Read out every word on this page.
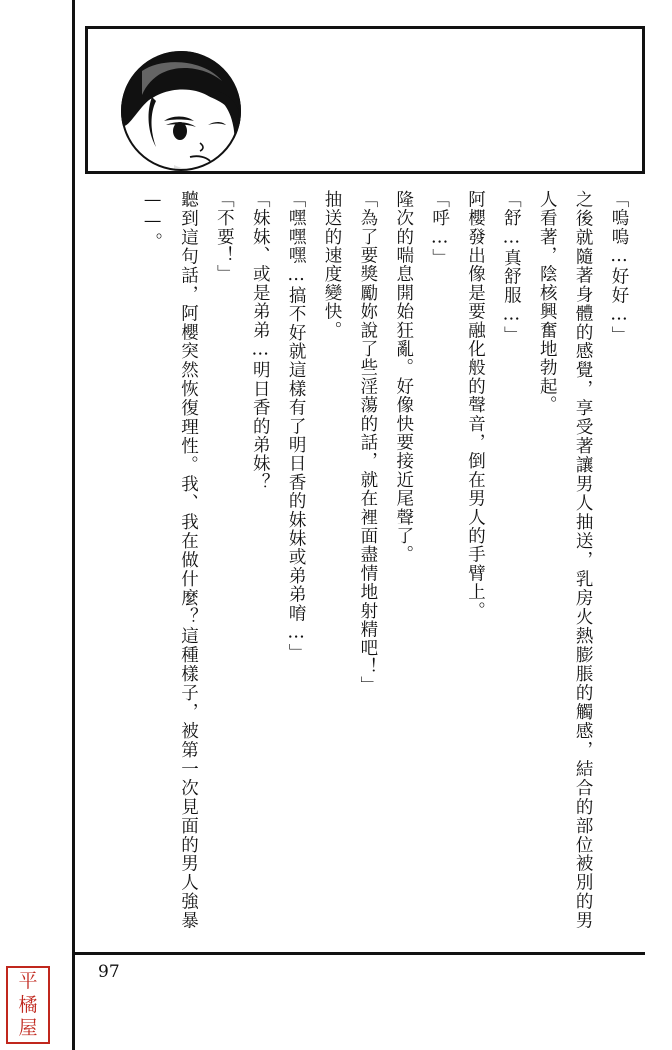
「嗚嗚…好好…」

之後就隨著身體的感覺，享受著讓男人抽送，乳房火熱膨脹的觸感，結合的部位被別的男人看著，陰核興奮地勃起。

「舒…真舒服…」

阿櫻發出像是要融化般的聲音，倒在男人的手臂上。

「呼…」

隆次的喘息開始狂亂。好像快要接近尾聲了。

「為了要獎勵妳說了些淫蕩的話，就在裡面盡情地射精吧！」

抽送的速度變快。

「嘿嘿嘿…搞不好就這樣有了明日香的妹妹或弟弟唷…」

「妹妹、或是弟弟…明日香的弟妹？

「不要！」

聽到這句話，阿櫻突然恢復理性。我、我在做什麼？這種樣子，被第一次見面的男人強暴——。

97
平
橘
屋
